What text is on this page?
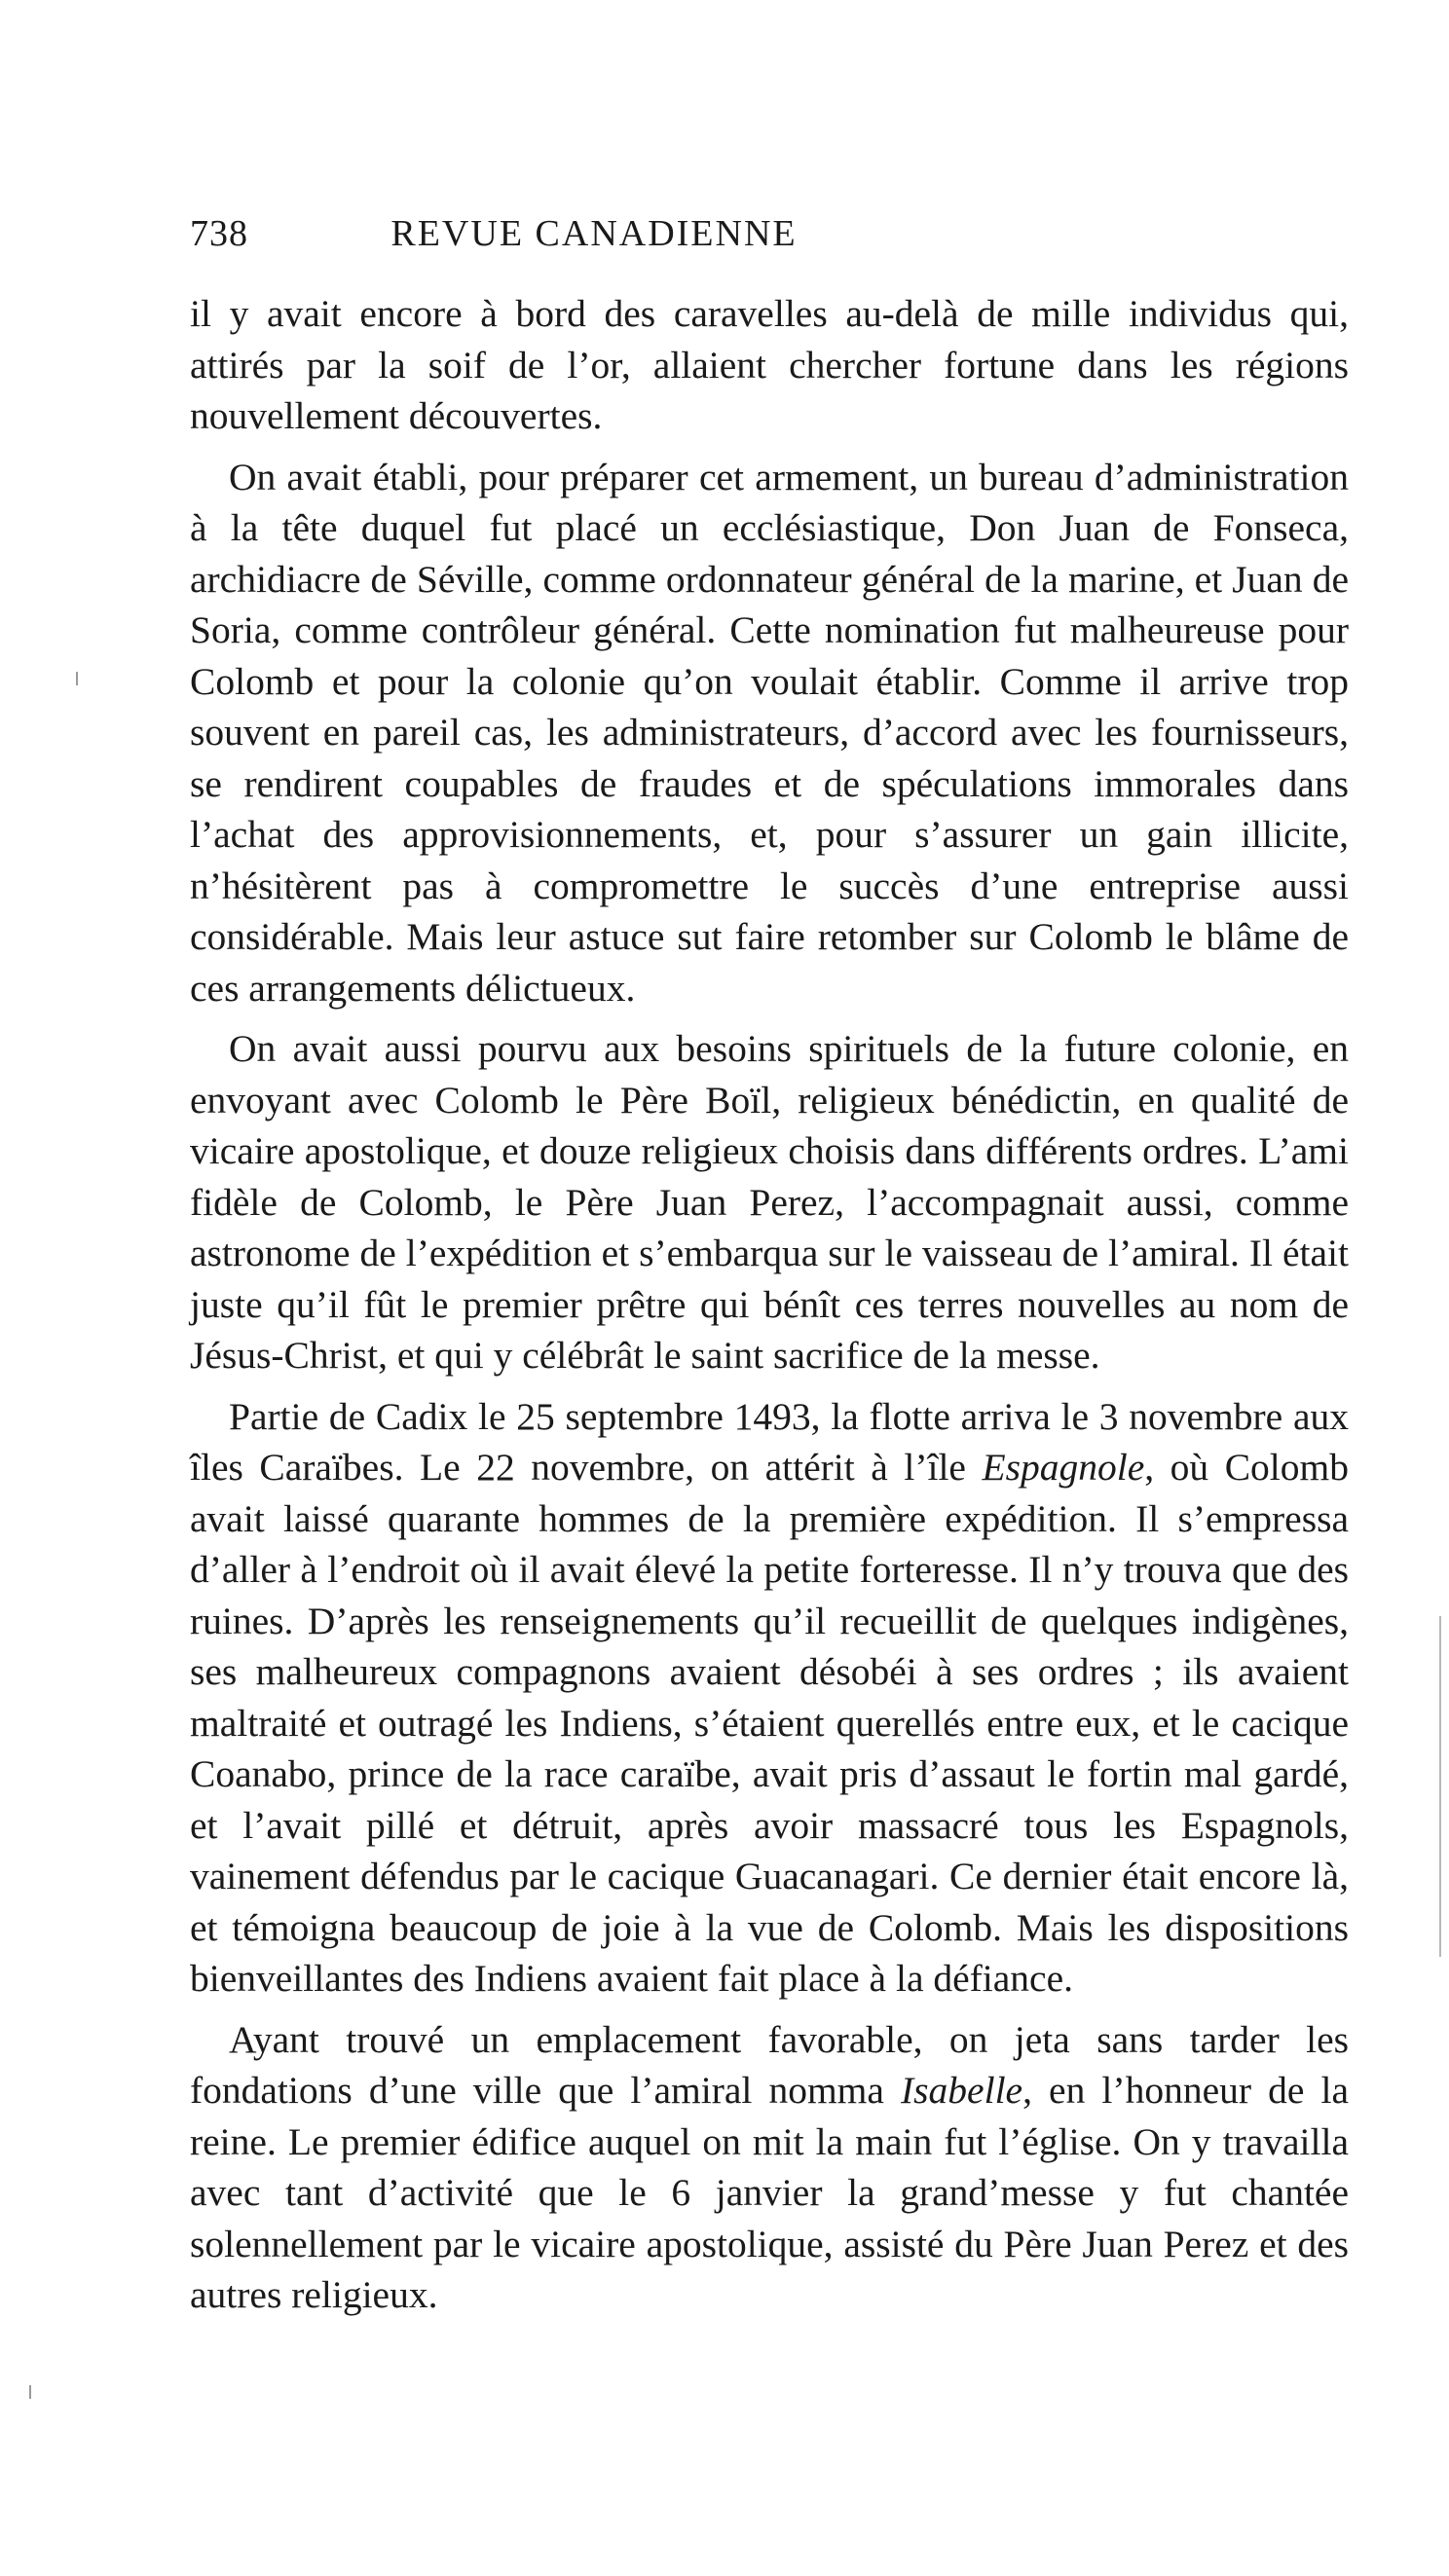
738	REVUE CANADIENNE

il y avait encore à bord des caravelles au-delà de mille individus qui, attirés par la soif de l’or, allaient chercher fortune dans les régions nouvellement découvertes.

On avait établi, pour préparer cet armement, un bureau d’administration à la tête duquel fut placé un ecclésiastique, Don Juan de Fonseca, archidiacre de Séville, comme ordonnateur général de la marine, et Juan de Soria, comme contrôleur général. Cette nomination fut malheureuse pour Colomb et pour la colonie qu’on voulait établir. Comme il arrive trop souvent en pareil cas, les administrateurs, d’accord avec les fournisseurs, se rendirent coupables de fraudes et de spéculations immorales dans l’achat des approvisionnements, et, pour s’assurer un gain illicite, n’hésitèrent pas à compromettre le succès d’une entreprise aussi considérable. Mais leur astuce sut faire retomber sur Colomb le blâme de ces arrangements délictueux.

On avait aussi pourvu aux besoins spirituels de la future colonie, en envoyant avec Colomb le Père Boïl, religieux bénédictin, en qualité de vicaire apostolique, et douze religieux choisis dans différents ordres. L’ami fidèle de Colomb, le Père Juan Perez, l’accompagnait aussi, comme astronome de l’expédition et s’embarqua sur le vaisseau de l’amiral. Il était juste qu’il fût le premier prêtre qui bénît ces terres nouvelles au nom de Jésus-Christ, et qui y célébrât le saint sacrifice de la messe.

Partie de Cadix le 25 septembre 1493, la flotte arriva le 3 novembre aux îles Caraïbes. Le 22 novembre, on attérit à l’île Espagnole, où Colomb avait laissé quarante hommes de la première expédition. Il s’empressa d’aller à l’endroit où il avait élevé la petite forteresse. Il n’y trouva que des ruines. D’après les renseignements qu’il recueillit de quelques indigènes, ses malheureux compagnons avaient désobéi à ses ordres ; ils avaient maltraité et outragé les Indiens, s’étaient querellés entre eux, et le cacique Coanabo, prince de la race caraïbe, avait pris d’assaut le fortin mal gardé, et l’avait pillé et détruit, après avoir massacré tous les Espagnols, vainement défendus par le cacique Guacanagari. Ce dernier était encore là, et témoigna beaucoup de joie à la vue de Colomb. Mais les dispositions bienveillantes des Indiens avaient fait place à la défiance.

Ayant trouvé un emplacement favorable, on jeta sans tarder les fondations d’une ville que l’amiral nomma Isabelle, en l’honneur de la reine. Le premier édifice auquel on mit la main fut l’église. On y travailla avec tant d’activité que le 6 janvier la grand’messe y fut chantée solennellement par le vicaire apostolique, assisté du Père Juan Perez et des autres religieux.
